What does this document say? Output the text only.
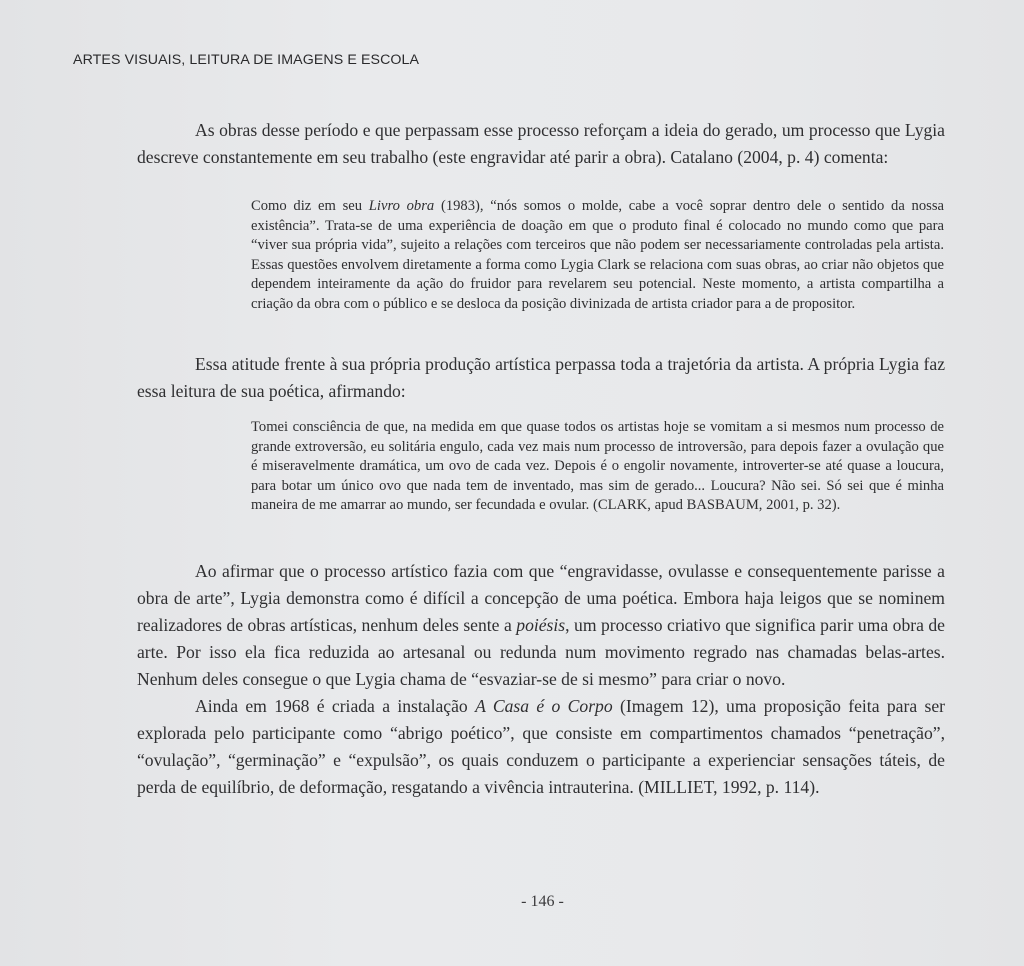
ARTES VISUAIS, LEITURA DE IMAGENS E ESCOLA

As obras desse período e que perpassam esse processo reforçam a ideia do gerado, um processo que Lygia descreve constantemente em seu trabalho (este engravidar até parir a obra). Catalano (2004, p. 4) comenta:

Como diz em seu Livro obra (1983), “nós somos o molde, cabe a você soprar dentro dele o sentido da nossa existência”. Trata-se de uma experiência de doação em que o produto final é colocado no mundo como que para “viver sua própria vida”, sujeito a relações com terceiros que não podem ser necessariamente controladas pela artista. Essas questões envolvem diretamente a forma como Lygia Clark se relaciona com suas obras, ao criar não objetos que dependem inteiramente da ação do fruidor para revelarem seu potencial. Neste momento, a artista compartilha a criação da obra com o público e se desloca da posição divinizada de artista criador para a de propositor.

Essa atitude frente à sua própria produção artística perpassa toda a trajetória da artista. A própria Lygia faz essa leitura de sua poética, afirmando:

Tomei consciência de que, na medida em que quase todos os artistas hoje se vomitam a si mesmos num processo de grande extroversão, eu solitária engulo, cada vez mais num processo de introversão, para depois fazer a ovulação que é miseravelmente dramática, um ovo de cada vez. Depois é o engolir novamente, introverter-se até quase a loucura, para botar um único ovo que nada tem de inventado, mas sim de gerado... Loucura? Não sei. Só sei que é minha maneira de me amarrar ao mundo, ser fecundada e ovular. (CLARK, apud BASBAUM, 2001, p. 32).

Ao afirmar que o processo artístico fazia com que “engravidasse, ovulasse e consequentemente parisse a obra de arte”, Lygia demonstra como é difícil a concepção de uma poética. Embora haja leigos que se nominem realizadores de obras artísticas, nenhum deles sente a poiésis, um processo criativo que significa parir uma obra de arte. Por isso ela fica reduzida ao artesanal ou redunda num movimento regrado nas chamadas belas-artes. Nenhum deles consegue o que Lygia chama de “esvaziar-se de si mesmo” para criar o novo.

Ainda em 1968 é criada a instalação A Casa é o Corpo (Imagem 12), uma proposição feita para ser explorada pelo participante como “abrigo poético”, que consiste em compartimentos chamados “penetração”, “ovulação”, “germinação” e “expulsão”, os quais conduzem o participante a experienciar sensações táteis, de perda de equilíbrio, de deformação, resgatando a vivência intrauterina. (MILLIET, 1992, p. 114).

- 146 -
